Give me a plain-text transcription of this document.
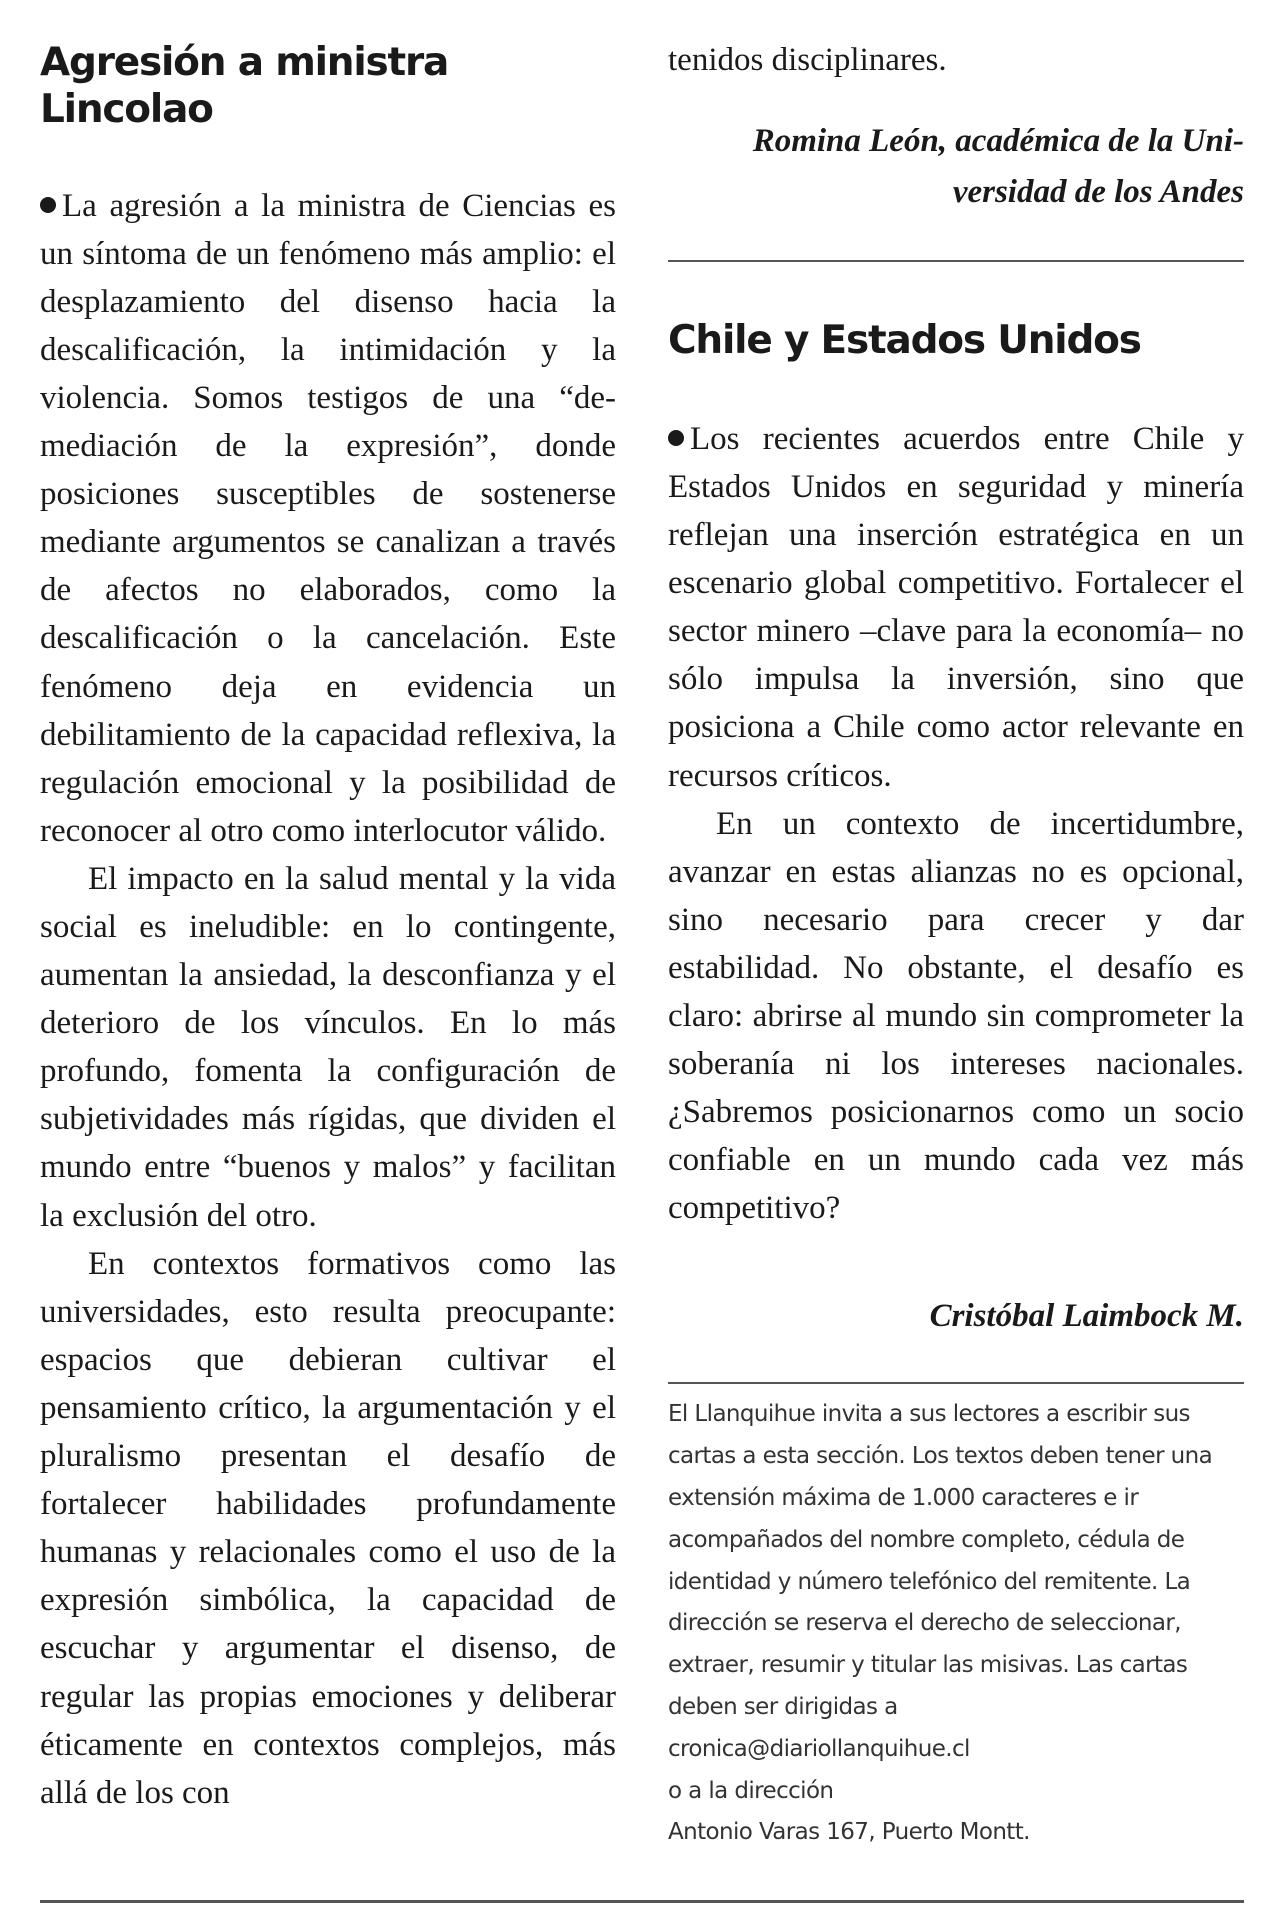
Agresión a ministra Lincolao

La agresión a la ministra de Ciencias es un síntoma de un fenómeno más amplio: el desplazamiento del disenso hacia la descalificación, la intimidación y la violencia. Somos testigos de una “de-mediación de la expresión”, donde posiciones susceptibles de sostenerse mediante argumentos se canalizan a través de afectos no elaborados, como la descalificación o la cancelación. Este fenómeno deja en evidencia un debilitamiento de la capacidad reflexiva, la regulación emocional y la posibilidad de reconocer al otro como interlocutor válido.

El impacto en la salud mental y la vida social es ineludible: en lo contingente, aumentan la ansiedad, la desconfianza y el deterioro de los vínculos. En lo más profundo, fomenta la configuración de subjetividades más rígidas, que dividen el mundo entre “buenos y malos” y facilitan la exclusión del otro.

En contextos formativos como las universidades, esto resulta preocupante: espacios que debieran cultivar el pensamiento crítico, la argumentación y el pluralismo presentan el desafío de fortalecer habilidades profundamente humanas y relacionales como el uso de la expresión simbólica, la capacidad de escuchar y argumentar el disenso, de regular las propias emociones y deliberar éticamente en contextos complejos, más allá de los con

tenidos disciplinares.

Romina León, académica de la Universidad de los Andes

Chile y Estados Unidos

Los recientes acuerdos entre Chile y Estados Unidos en seguridad y minería reflejan una inserción estratégica en un escenario global competitivo. Fortalecer el sector minero –clave para la economía– no sólo impulsa la inversión, sino que posiciona a Chile como actor relevante en recursos críticos.

En un contexto de incertidumbre, avanzar en estas alianzas no es opcional, sino necesario para crecer y dar estabilidad. No obstante, el desafío es claro: abrirse al mundo sin comprometer la soberanía ni los intereses nacionales. ¿Sabremos posicionarnos como un socio confiable en un mundo cada vez más competitivo?

Cristóbal Laimbock M.

El Llanquihue invita a sus lectores a escribir sus cartas a esta sección. Los textos deben tener una extensión máxima de 1.000 caracteres e ir acompañados del nombre completo, cédula de identidad y número telefónico del remitente. La dirección se reserva el derecho de seleccionar, extraer, resumir y titular las misivas. Las cartas deben ser dirigidas a

cronica@diariollanquihue.cl

o a la dirección

Antonio Varas 167, Puerto Montt.
